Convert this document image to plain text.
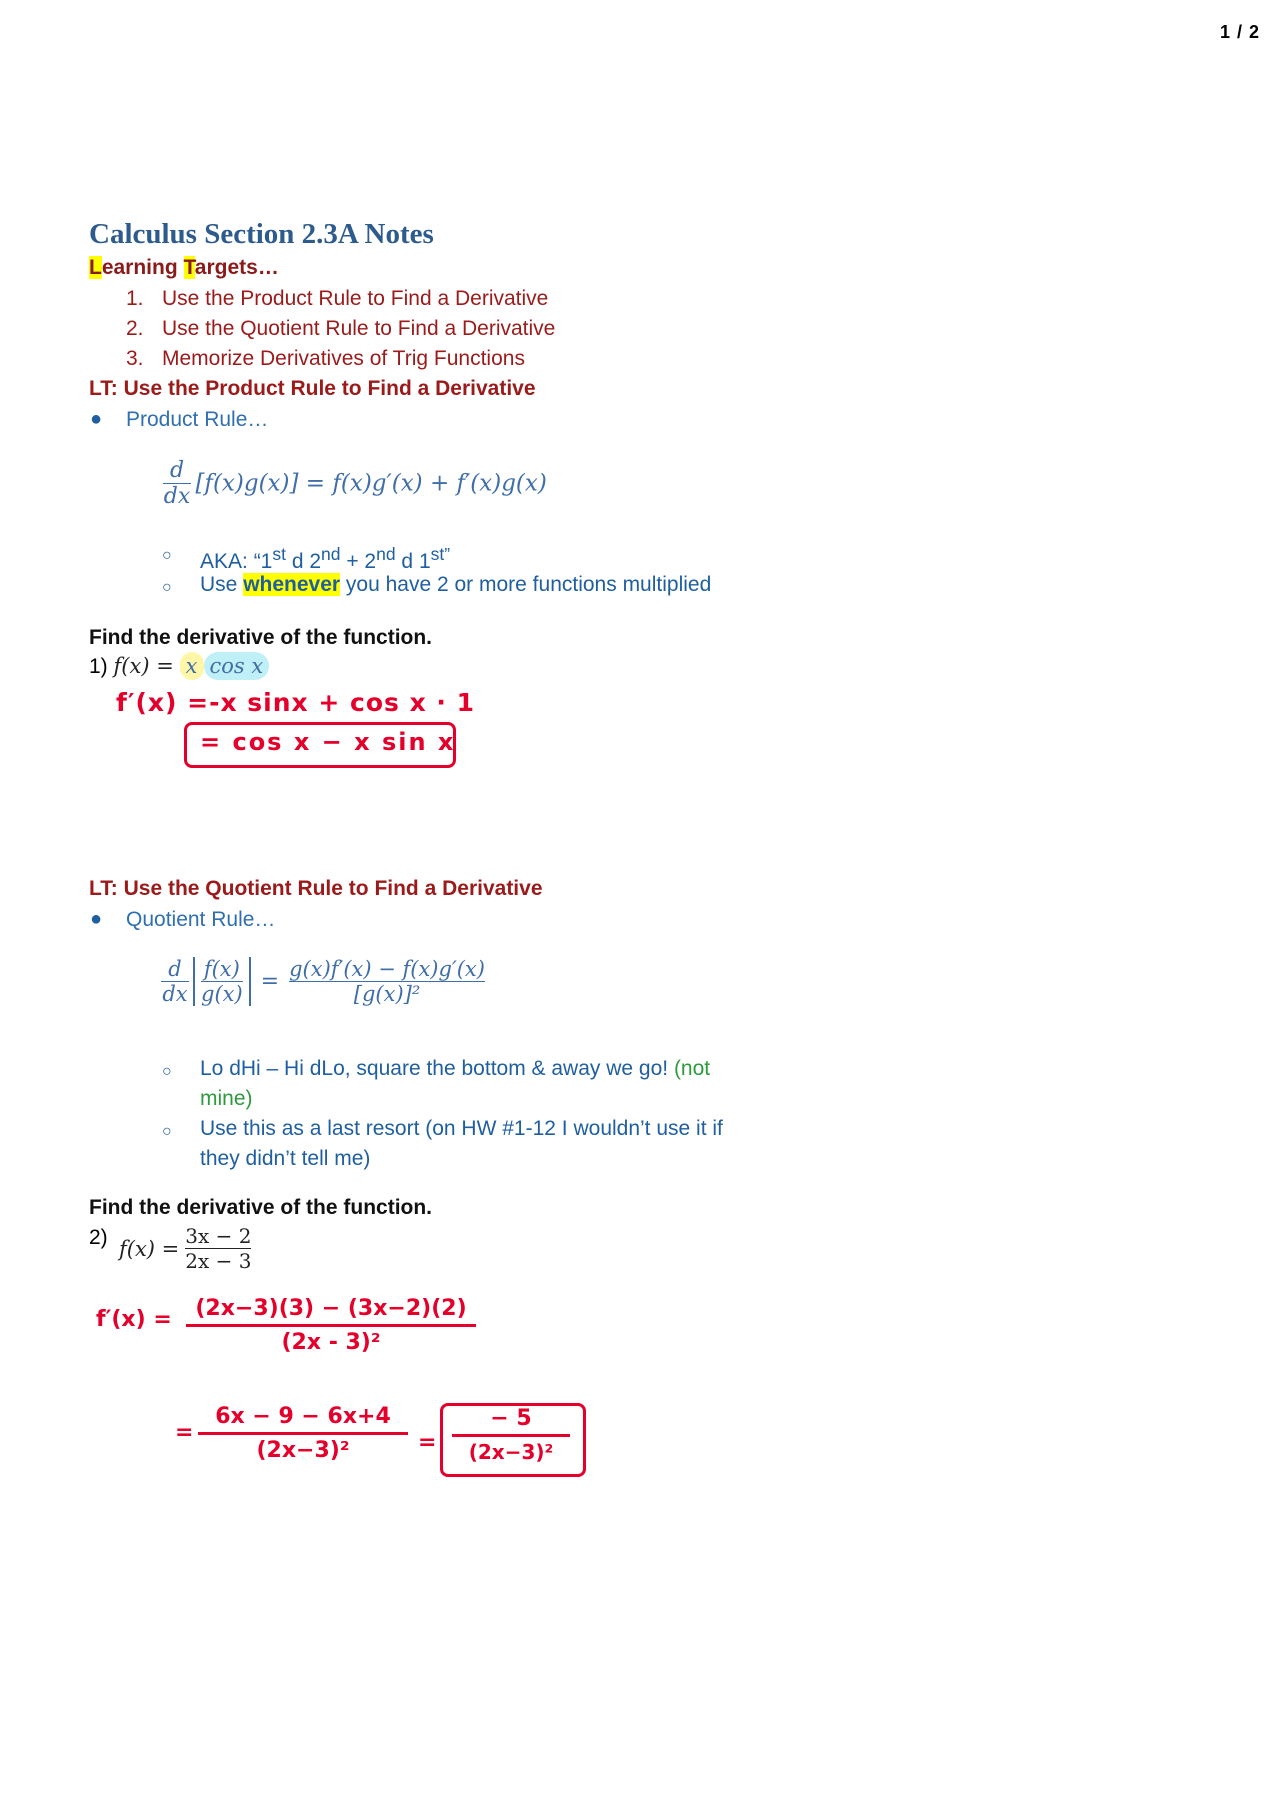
1 / 2
Calculus Section 2.3A Notes
Learning Targets…
1. Use the Product Rule to Find a Derivative
2. Use the Quotient Rule to Find a Derivative
3. Memorize Derivatives of Trig Functions
LT: Use the Product Rule to Find a Derivative
● Product Rule…
$\frac{d}{dx} [f(x)g(x)] = f(x)g'(x) + f'(x)g(x)$
○ AKA: “1st d 2nd + 2nd d $1^{st”}$
○ Use whenever you have 2 or more functions multiplied
Find the derivative of the function.
1) f(x) = x cos x
f′(x) =-x sinx + cos x · 1
= cos x − x sin x
LT: Use the Quotient Rule to Find a Derivative
● Quotient Rule…
d
dx
f(x)
g(x) = g(x)f′(x) − f(x)g′(x)
[g(x)]²
○ Lo dHi – Hi dLo, square the bottom & away we go! (not mine)
○ Use this as a last resort (on HW #1-12 I wouldn’t use it if they didn’t tell me)
Find the derivative of the function.
2) f(x) =
3x − 2
2x − 3
f′(x) =	(2x−3)(3) − (3x−2)(2)
(2x - 3)²
=
6x − 9 − 6x+4
(2x−3)²	=
− 5
(2x−3)²
